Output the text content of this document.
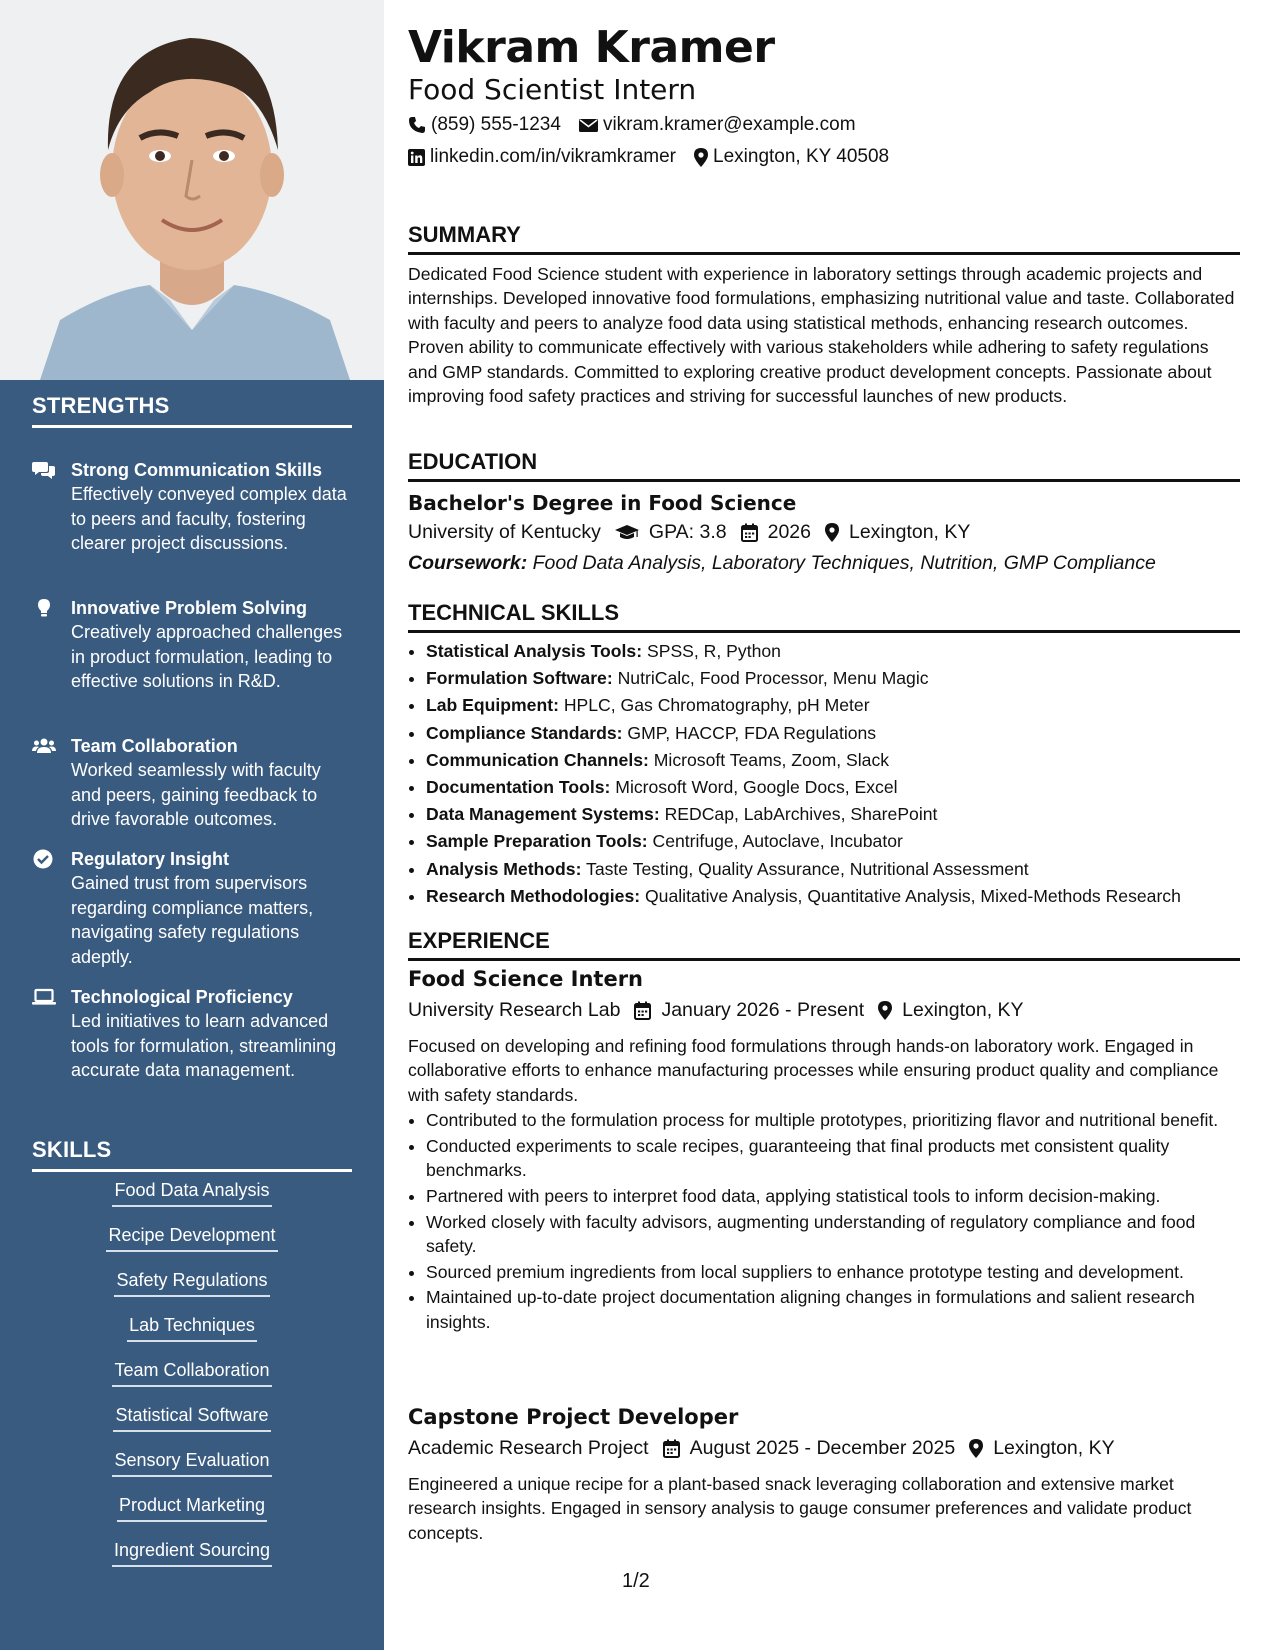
STRENGTHS
Strong Communication Skills
Effectively conveyed complex data to peers and faculty, fostering clearer project discussions.
Innovative Problem Solving
Creatively approached challenges in product formulation, leading to effective solutions in R&D.
Team Collaboration
Worked seamlessly with faculty and peers, gaining feedback to drive favorable outcomes.
Regulatory Insight
Gained trust from supervisors regarding compliance matters, navigating safety regulations adeptly.
Technological Proficiency
Led initiatives to learn advanced tools for formulation, streamlining accurate data management.
SKILLS
Food Data Analysis
Recipe Development
Safety Regulations
Lab Techniques
Team Collaboration
Statistical Software
Sensory Evaluation
Product Marketing
Ingredient Sourcing
Vikram Kramer
Food Scientist Intern
(859) 555-1234 vikram.kramer@example.com
linkedin.com/in/vikramkramer Lexington, KY 40508
SUMMARY
Dedicated Food Science student with experience in laboratory settings through academic projects and internships. Developed innovative food formulations, emphasizing nutritional value and taste. Collaborated with faculty and peers to analyze food data using statistical methods, enhancing research outcomes. Proven ability to communicate effectively with various stakeholders while adhering to safety regulations and GMP standards. Committed to exploring creative product development concepts. Passionate about improving food safety practices and striving for successful launches of new products.
EDUCATION
Bachelor's Degree in Food Science
University of Kentucky GPA: 3.8 2026 Lexington, KY
Coursework: Food Data Analysis, Laboratory Techniques, Nutrition, GMP Compliance
TECHNICAL SKILLS
• Statistical Analysis Tools: SPSS, R, Python
• Formulation Software: NutriCalc, Food Processor, Menu Magic
• Lab Equipment: HPLC, Gas Chromatography, pH Meter
• Compliance Standards: GMP, HACCP, FDA Regulations
• Communication Channels: Microsoft Teams, Zoom, Slack
• Documentation Tools: Microsoft Word, Google Docs, Excel
• Data Management Systems: REDCap, LabArchives, SharePoint
• Sample Preparation Tools: Centrifuge, Autoclave, Incubator
• Analysis Methods: Taste Testing, Quality Assurance, Nutritional Assessment
• Research Methodologies: Qualitative Analysis, Quantitative Analysis, Mixed-Methods Research
EXPERIENCE
Food Science Intern
University Research Lab January 2026 - Present Lexington, KY
Focused on developing and refining food formulations through hands-on laboratory work. Engaged in collaborative efforts to enhance manufacturing processes while ensuring product quality and compliance with safety standards.
• Contributed to the formulation process for multiple prototypes, prioritizing flavor and nutritional benefit.
• Conducted experiments to scale recipes, guaranteeing that final products met consistent quality benchmarks.
• Partnered with peers to interpret food data, applying statistical tools to inform decision-making.
• Worked closely with faculty advisors, augmenting understanding of regulatory compliance and food safety.
• Sourced premium ingredients from local suppliers to enhance prototype testing and development.
• Maintained up-to-date project documentation aligning changes in formulations and salient research insights.
Capstone Project Developer
Academic Research Project August 2025 - December 2025 Lexington, KY
Engineered a unique recipe for a plant-based snack leveraging collaboration and extensive market research insights. Engaged in sensory analysis to gauge consumer preferences and validate product concepts.
1/2
